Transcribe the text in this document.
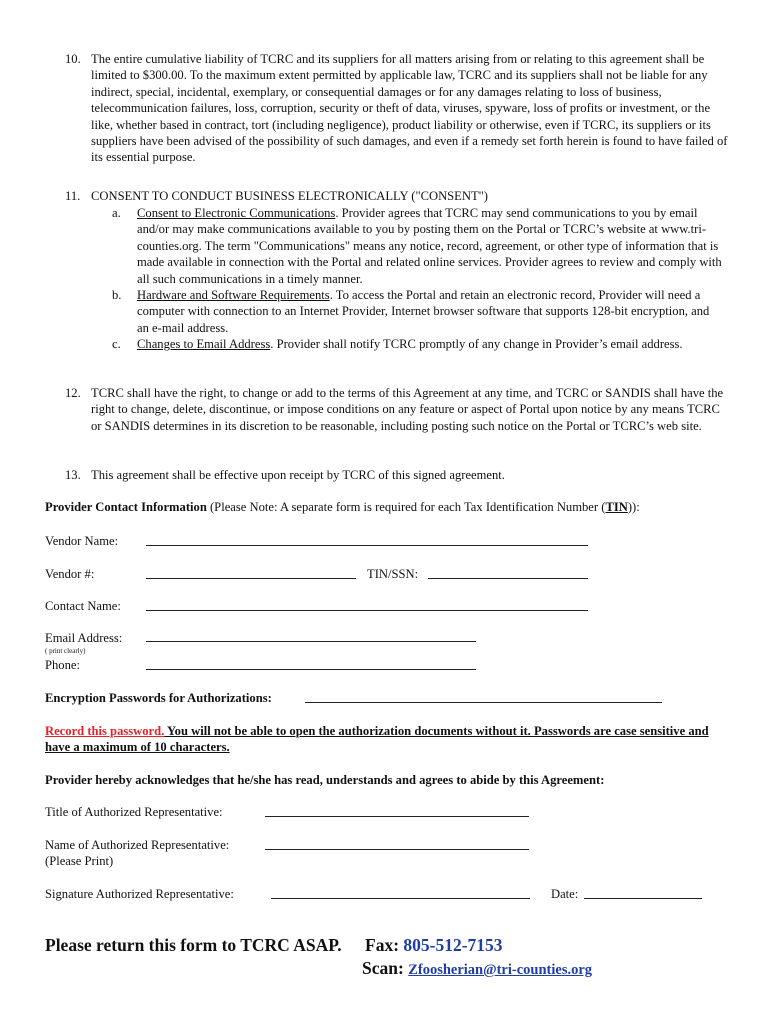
10. The entire cumulative liability of TCRC and its suppliers for all matters arising from or relating to this agreement shall be limited to $300.00. To the maximum extent permitted by applicable law, TCRC and its suppliers shall not be liable for any indirect, special, incidental, exemplary, or consequential damages or for any damages relating to loss of business, telecommunication failures, loss, corruption, security or theft of data, viruses, spyware, loss of profits or investment, or the like, whether based in contract, tort (including negligence), product liability or otherwise, even if TCRC, its suppliers or its suppliers have been advised of the possibility of such damages, and even if a remedy set forth herein is found to have failed of its essential purpose.
11. CONSENT TO CONDUCT BUSINESS ELECTRONICALLY ("CONSENT")
a. Consent to Electronic Communications. Provider agrees that TCRC may send communications to you by email and/or may make communications available to you by posting them on the Portal or TCRC’s website at www.tri-counties.org. The term "Communications" means any notice, record, agreement, or other type of information that is made available in connection with the Portal and related online services. Provider agrees to review and comply with all such communications in a timely manner.
b. Hardware and Software Requirements. To access the Portal and retain an electronic record, Provider will need a computer with connection to an Internet Provider, Internet browser software that supports 128-bit encryption, and an e-mail address.
c. Changes to Email Address. Provider shall notify TCRC promptly of any change in Provider’s email address.
12. TCRC shall have the right, to change or add to the terms of this Agreement at any time, and TCRC or SANDIS shall have the right to change, delete, discontinue, or impose conditions on any feature or aspect of Portal upon notice by any means TCRC or SANDIS determines in its discretion to be reasonable, including posting such notice on the Portal or TCRC’s web site.
13. This agreement shall be effective upon receipt by TCRC of this signed agreement.
Provider Contact Information (Please Note: A separate form is required for each Tax Identification Number (TIN)):
Vendor Name:
Vendor #:	TIN/SSN:
Contact Name:
Email Address:
( print clearly)
Phone:
Encryption Passwords for Authorizations:
Record this password. You will not be able to open the authorization documents without it. Passwords are case sensitive and have a maximum of 10 characters.
Provider hereby acknowledges that he/she has read, understands and agrees to abide by this Agreement:
Title of Authorized Representative:
Name of Authorized Representative:
(Please Print)
Signature Authorized Representative:	Date:
Please return this form to TCRC ASAP. Fax: 805-512-7153
Scan: Zfoosherian@tri-counties.org
